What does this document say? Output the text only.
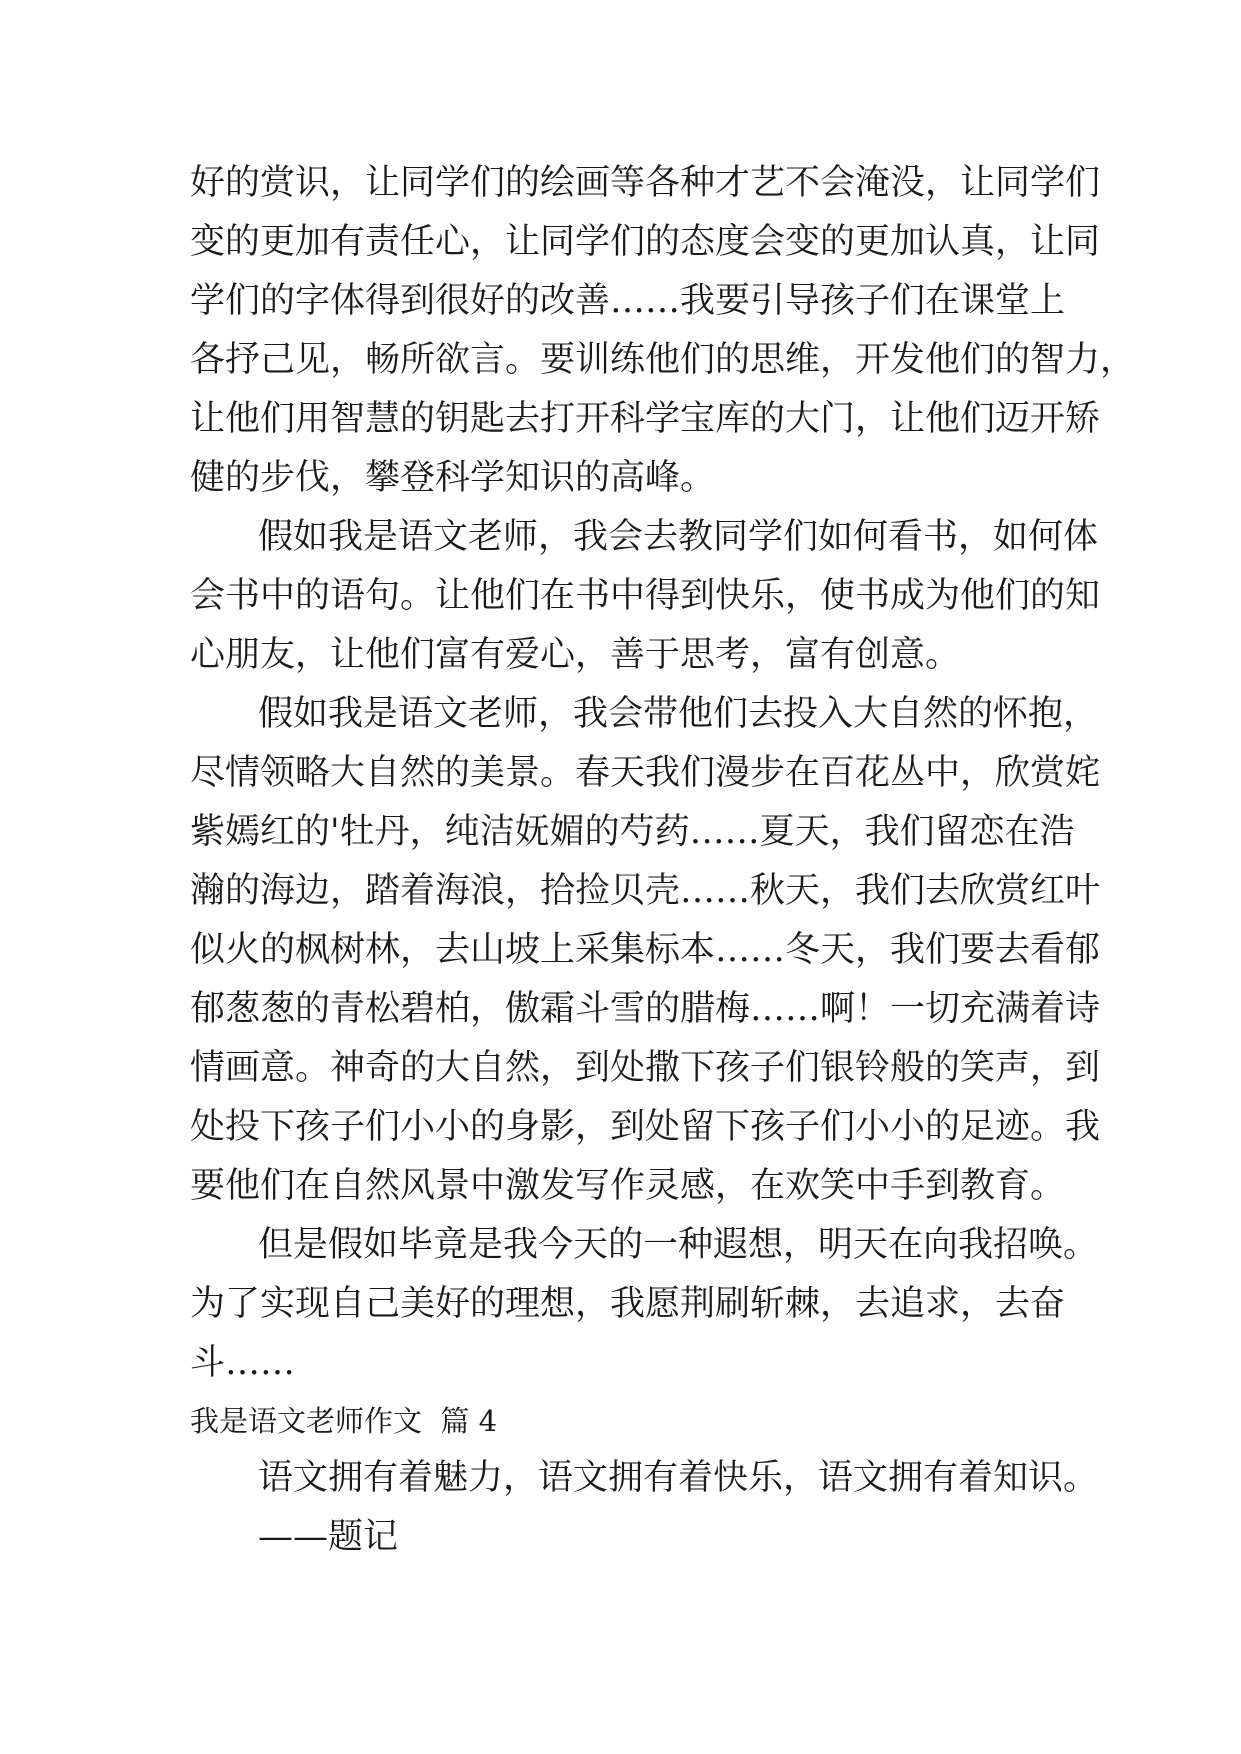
好的赏识，让同学们的绘画等各种才艺不会淹没，让同学们
变的更加有责任心，让同学们的态度会变的更加认真，让同
学们的字体得到很好的改善……我要引导孩子们在课堂上
各抒己见，畅所欲言。要训练他们的思维，开发他们的智力，
让他们用智慧的钥匙去打开科学宝库的大门，让他们迈开矫
健的步伐，攀登科学知识的高峰。
假如我是语文老师，我会去教同学们如何看书，如何体
会书中的语句。让他们在书中得到快乐，使书成为他们的知
心朋友，让他们富有爱心，善于思考，富有创意。
假如我是语文老师，我会带他们去投入大自然的怀抱，
尽情领略大自然的美景。春天我们漫步在百花丛中，欣赏姹
紫嫣红的'牡丹，纯洁妩媚的芍药……夏天，我们留恋在浩
瀚的海边，踏着海浪，拾捡贝壳……秋天，我们去欣赏红叶
似火的枫树林，去山坡上采集标本……冬天，我们要去看郁
郁葱葱的青松碧柏，傲霜斗雪的腊梅……啊！一切充满着诗
情画意。神奇的大自然，到处撒下孩子们银铃般的笑声，到
处投下孩子们小小的身影，到处留下孩子们小小的足迹。我
要他们在自然风景中激发写作灵感，在欢笑中手到教育。
但是假如毕竟是我今天的一种遐想，明天在向我招唤。
为了实现自己美好的理想，我愿荆刷斩棘，去追求，去奋
斗……
我是语文老师作文  篇 4
语文拥有着魅力，语文拥有着快乐，语文拥有着知识。
——题记
